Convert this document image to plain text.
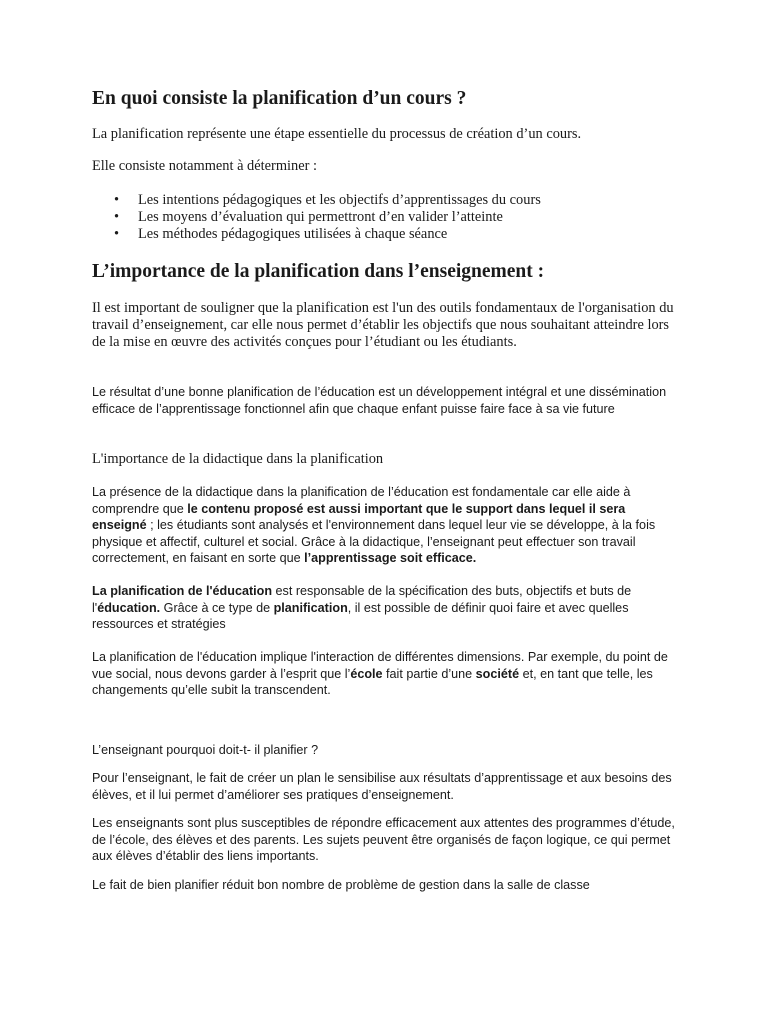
En quoi consiste la planification d’un cours ?

La planification représente une étape essentielle du processus de création d’un cours.

Elle consiste notamment à déterminer :

• Les intentions pédagogiques et les objectifs d’apprentissages du cours
• Les moyens d’évaluation qui permettront d’en valider l’atteinte
• Les méthodes pédagogiques utilisées à chaque séance
L’importance de la planification dans l’enseignement :

Il est important de souligner que la planification est l'un des outils fondamentaux de l'organisation du travail d’enseignement, car elle nous permet d’établir les objectifs que nous souhaitant atteindre lors de la mise en œuvre des activités conçues pour l’étudiant ou les étudiants.

Le résultat d’une bonne planification de l’éducation est un développement intégral et une dissémination efficace de l’apprentissage fonctionnel afin que chaque enfant puisse faire face à sa vie future

L'importance de la didactique dans la planification

La présence de la didactique dans la planification de l’éducation est fondamentale car elle aide à comprendre que le contenu proposé est aussi important que le support dans lequel il sera enseigné ; les étudiants sont analysés et l'environnement dans lequel leur vie se développe, à la fois physique et affectif, culturel et social. Grâce à la didactique, l’enseignant peut effectuer son travail correctement, en faisant en sorte que l’apprentissage soit efficace.

La planification de l'éducation est responsable de la spécification des buts, objectifs et buts de l'éducation. Grâce à ce type de planification, il est possible de définir quoi faire et avec quelles ressources et stratégies

La planification de l'éducation implique l'interaction de différentes dimensions. Par exemple, du point de vue social, nous devons garder à l’esprit que l’école fait partie d’une société et, en tant que telle, les changements qu’elle subit la transcendent.

L’enseignant pourquoi doit-t- il planifier ?

Pour l’enseignant, le fait de créer un plan le sensibilise aux résultats d’apprentissage et aux besoins des élèves, et il lui permet d’améliorer ses pratiques d’enseignement.

Les enseignants sont plus susceptibles de répondre efficacement aux attentes des programmes d’étude, de l’école, des élèves et des parents. Les sujets peuvent être organisés de façon logique, ce qui permet aux élèves d’établir des liens importants.

Le fait de bien planifier réduit bon nombre de problème de gestion dans la salle de classe
